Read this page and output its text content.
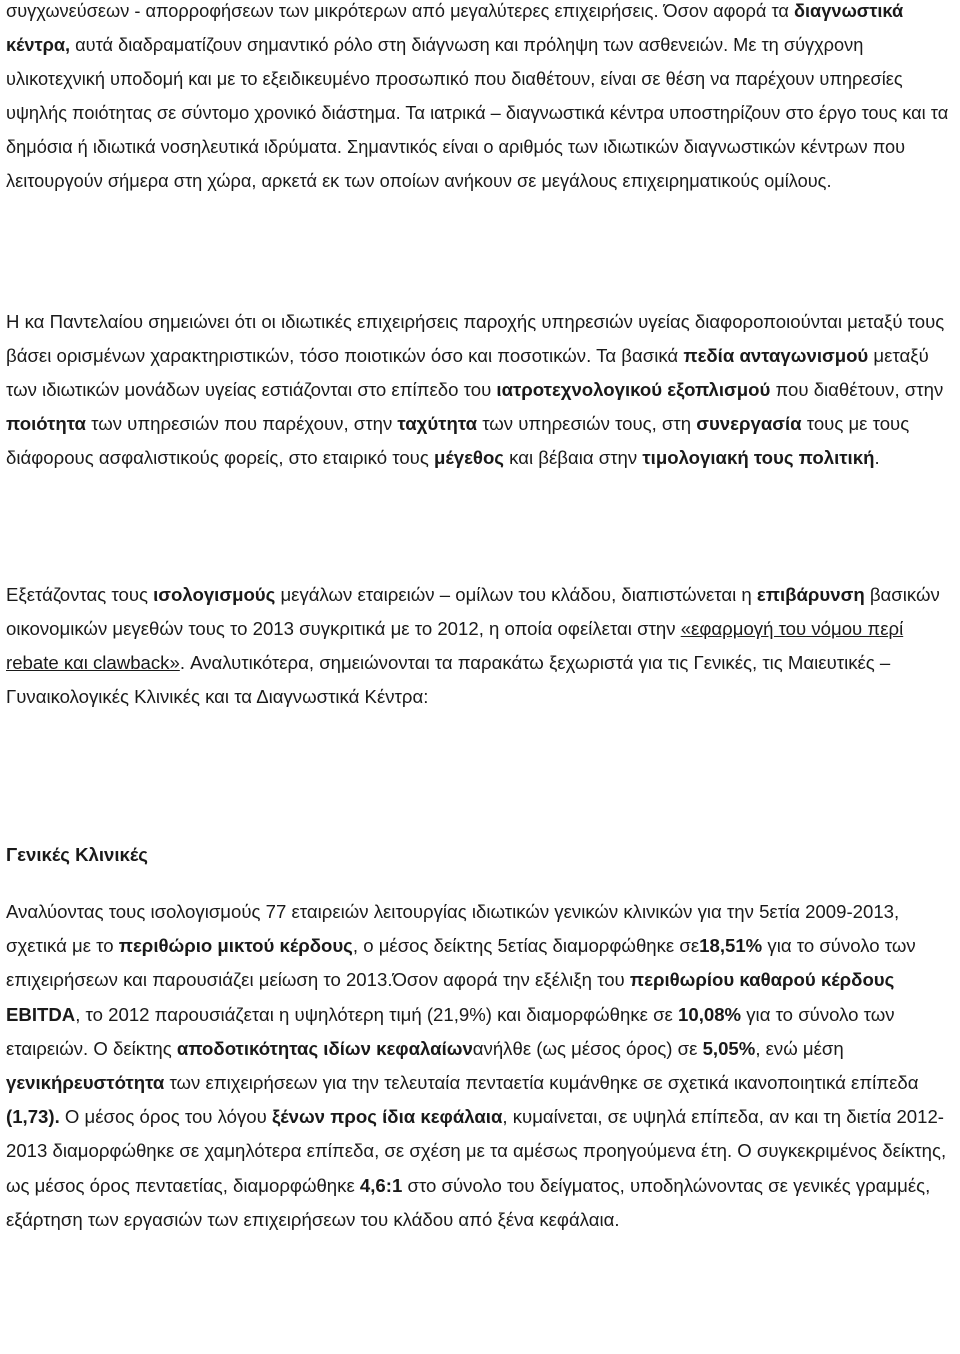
συγχωνεύσεων - απορροφήσεων των μικρότερων από μεγαλύτερες επιχειρήσεις. Όσον αφορά τα διαγνωστικά κέντρα, αυτά διαδραματίζουν σημαντικό ρόλο στη διάγνωση και πρόληψη των ασθενειών. Με τη σύγχρονη υλικοτεχνική υποδομή και με το εξειδικευμένο προσωπικό που διαθέτουν, είναι σε θέση να παρέχουν υπηρεσίες υψηλής ποιότητας σε σύντομο χρονικό διάστημα. Τα ιατρικά – διαγνωστικά κέντρα υποστηρίζουν στο έργο τους και τα δημόσια ή ιδιωτικά νοσηλευτικά ιδρύματα. Σημαντικός είναι ο αριθμός των ιδιωτικών διαγνωστικών κέντρων που λειτουργούν σήμερα στη χώρα, αρκετά εκ των οποίων ανήκουν σε μεγάλους επιχειρηματικούς ομίλους.

Η κα Παντελαίου σημειώνει ότι οι ιδιωτικές επιχειρήσεις παροχής υπηρεσιών υγείας διαφοροποιούνται μεταξύ τους βάσει ορισμένων χαρακτηριστικών, τόσο ποιοτικών όσο και ποσοτικών. Τα βασικά πεδία ανταγωνισμού μεταξύ των ιδιωτικών μονάδων υγείας εστιάζονται στο επίπεδο του ιατροτεχνολογικού εξοπλισμού που διαθέτουν, στην ποιότητα των υπηρεσιών που παρέχουν, στην ταχύτητα των υπηρεσιών τους, στη συνεργασία τους με τους διάφορους ασφαλιστικούς φορείς, στο εταιρικό τους μέγεθος και βέβαια στην τιμολογιακή τους πολιτική.

Εξετάζοντας τους ισολογισμούς μεγάλων εταιρειών – ομίλων του κλάδου, διαπιστώνεται η επιβάρυνση βασικών οικονομικών μεγεθών τους το 2013 συγκριτικά με το 2012, η οποία οφείλεται στην «εφαρμογή του νόμου περί rebate και clawback». Αναλυτικότερα, σημειώνονται τα παρακάτω ξεχωριστά για τις Γενικές, τις Μαιευτικές – Γυναικολογικές Κλινικές και τα Διαγνωστικά Κέντρα:

Γενικές Κλινικές

Αναλύοντας τους ισολογισμούς 77 εταιρειών λειτουργίας ιδιωτικών γενικών κλινικών για την 5ετία 2009-2013, σχετικά με το περιθώριο μικτού κέρδους, ο μέσος δείκτης 5ετίας διαμορφώθηκε σε18,51% για το σύνολο των επιχειρήσεων και παρουσιάζει μείωση το 2013.Όσον αφορά την εξέλιξη του περιθωρίου καθαρού κέρδους EBITDA, το 2012 παρουσιάζεται η υψηλότερη τιμή (21,9%) και διαμορφώθηκε σε 10,08% για το σύνολο των εταιρειών. Ο δείκτης αποδοτικότητας ιδίων κεφαλαίωνανήλθε (ως μέσος όρος) σε 5,05%, ενώ μέση γενικήρευστότητα των επιχειρήσεων για την τελευταία πενταετία κυμάνθηκε σε σχετικά ικανοποιητικά επίπεδα (1,73). Ο μέσος όρος του λόγου ξένων προς ίδια κεφάλαια, κυμαίνεται, σε υψηλά επίπεδα, αν και τη διετία 2012-2013 διαμορφώθηκε σε χαμηλότερα επίπεδα, σε σχέση με τα αμέσως προηγούμενα έτη. Ο συγκεκριμένος δείκτης, ως μέσος όρος πενταετίας, διαμορφώθηκε 4,6:1 στο σύνολο του δείγματος, υποδηλώνοντας σε γενικές γραμμές, εξάρτηση των εργασιών των επιχειρήσεων του κλάδου από ξένα κεφάλαια.
